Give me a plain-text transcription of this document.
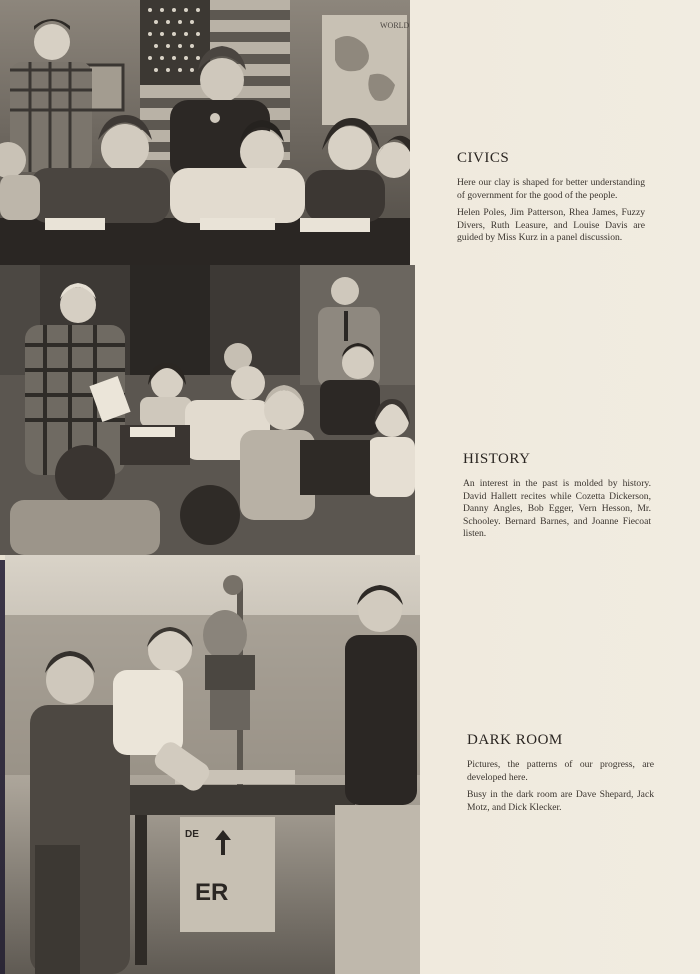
WORLD
DE
ER
CIVICS

Here our clay is shaped for better understanding of government for the good of the people.

Helen Poles, Jim Patterson, Rhea James, Fuzzy Divers, Ruth Leasure, and Louise Davis are guided by Miss Kurz in a panel discussion.

HISTORY

An interest in the past is molded by history. David Hallett recites while Cozetta Dickerson, Danny Angles, Bob Egger, Vern Hesson, Mr. Schooley. Bernard Barnes, and Joanne Fiecoat listen.

DARK ROOM

Pictures, the patterns of our progress, are developed here.

Busy in the dark room are Dave Shepard, Jack Motz, and Dick Klecker.
